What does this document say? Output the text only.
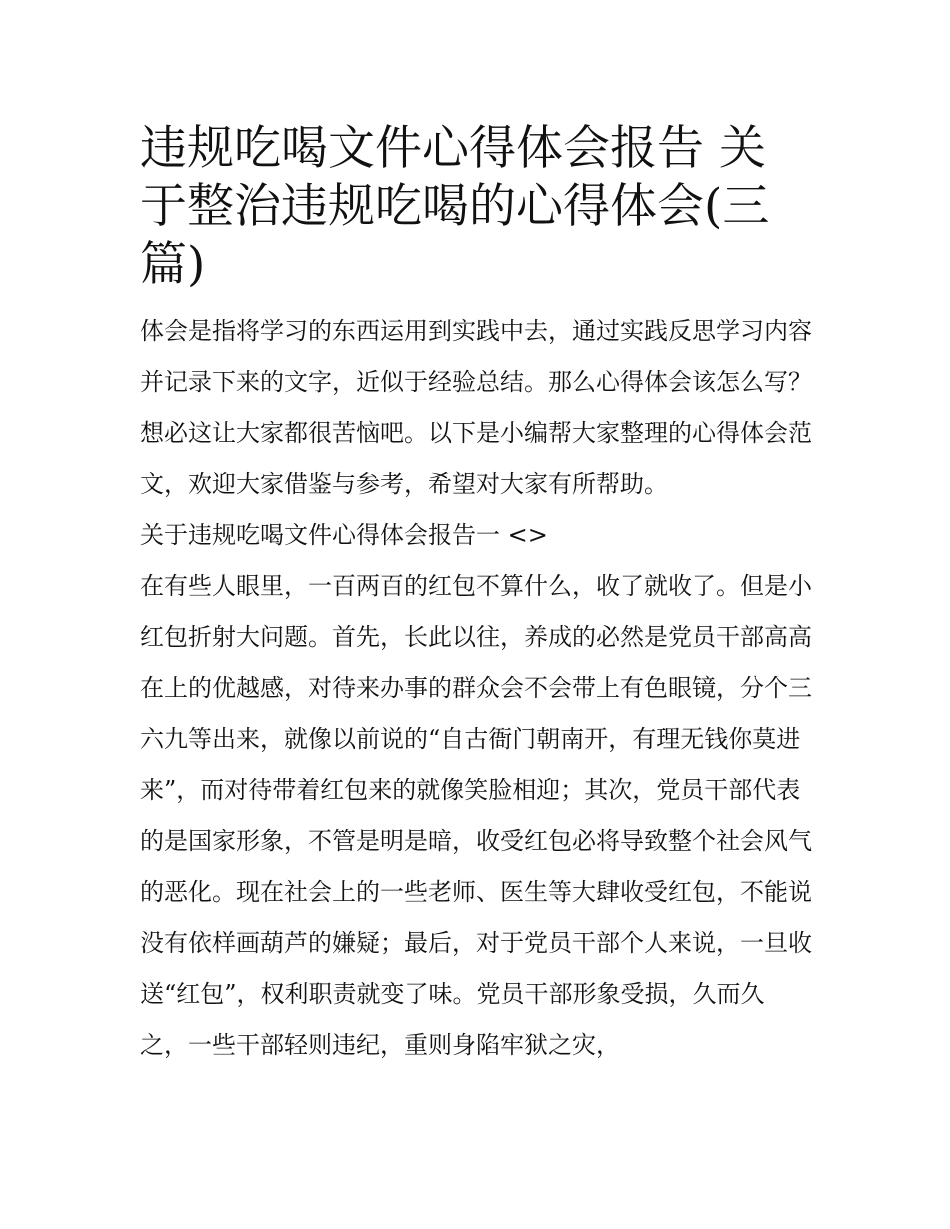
违规吃喝文件心得体会报告 关于整治违规吃喝的心得体会(三篇)

体会是指将学习的东西运用到实践中去，通过实践反思学习内容并记录下来的文字，近似于经验总结。那么心得体会该怎么写？想必这让大家都很苦恼吧。以下是小编帮大家整理的心得体会范文，欢迎大家借鉴与参考，希望对大家有所帮助。

关于违规吃喝文件心得体会报告一 <>

在有些人眼里，一百两百的红包不算什么，收了就收了。但是小红包折射大问题。首先，长此以往，养成的必然是党员干部高高在上的优越感，对待来办事的群众会不会带上有色眼镜，分个三六九等出来，就像以前说的“自古衙门朝南开，有理无钱你莫进来”，而对待带着红包来的就像笑脸相迎；其次，党员干部代表的是国家形象，不管是明是暗，收受红包必将导致整个社会风气的恶化。现在社会上的一些老师、医生等大肆收受红包，不能说没有依样画葫芦的嫌疑；最后，对于党员干部个人来说，一旦收送“红包”，权利职责就变了味。党员干部形象受损，久而久之，一些干部轻则违纪，重则身陷牢狱之灾，
